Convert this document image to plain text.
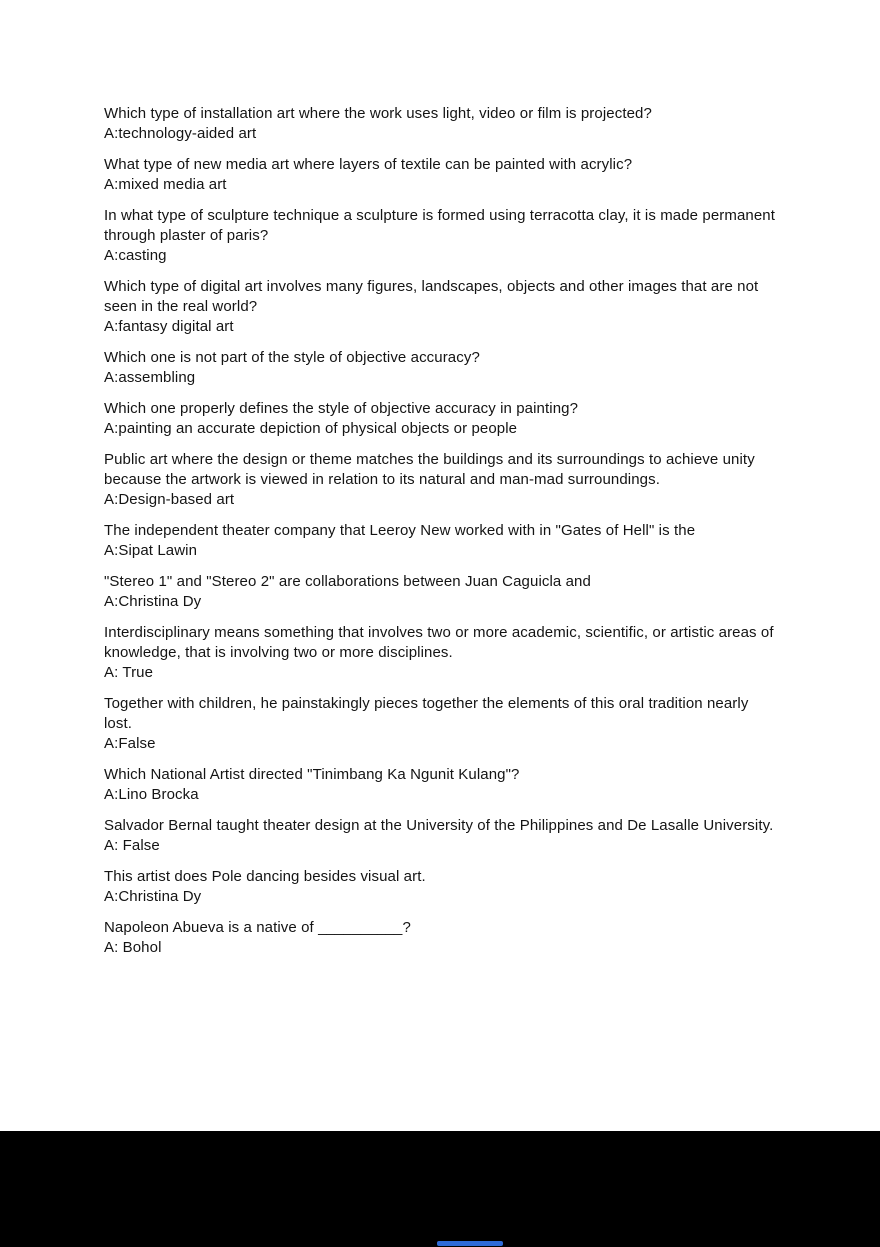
Which type of installation art where the work uses light, video or film is projected?

A:technology-aided art

What type of new media art where layers of textile can be painted with acrylic?

A:mixed media art

In what type of sculpture technique a sculpture is formed using terracotta clay, it is made permanent through plaster of paris?

A:casting

Which type of digital art involves many figures, landscapes, objects and other images that are not seen in the real world?

A:fantasy digital art

Which one is not part of the style of objective accuracy?

A:assembling

Which one properly defines the style of objective accuracy in painting?

A:painting an accurate depiction of physical objects or people

Public art where the design or theme matches the buildings and its surroundings to achieve unity because the artwork is viewed in relation to its natural and man-mad surroundings.

A:Design-based art

The independent theater company that Leeroy New worked with in "Gates of Hell" is the

A:Sipat Lawin

"Stereo 1" and "Stereo 2" are collaborations between Juan Caguicla and

A:Christina Dy

Interdisciplinary means something that involves two or more academic, scientific, or artistic areas of knowledge, that is involving two or more disciplines.

A: True

Together with children, he painstakingly pieces together the elements of this oral tradition nearly lost.

A:False

Which National Artist directed "Tinimbang Ka Ngunit Kulang"?

A:Lino Brocka

Salvador Bernal taught theater design at the University of the Philippines and De Lasalle University.

A: False

This artist does Pole dancing besides visual art.

A:Christina Dy

Napoleon Abueva is a native of __________?

A: Bohol
